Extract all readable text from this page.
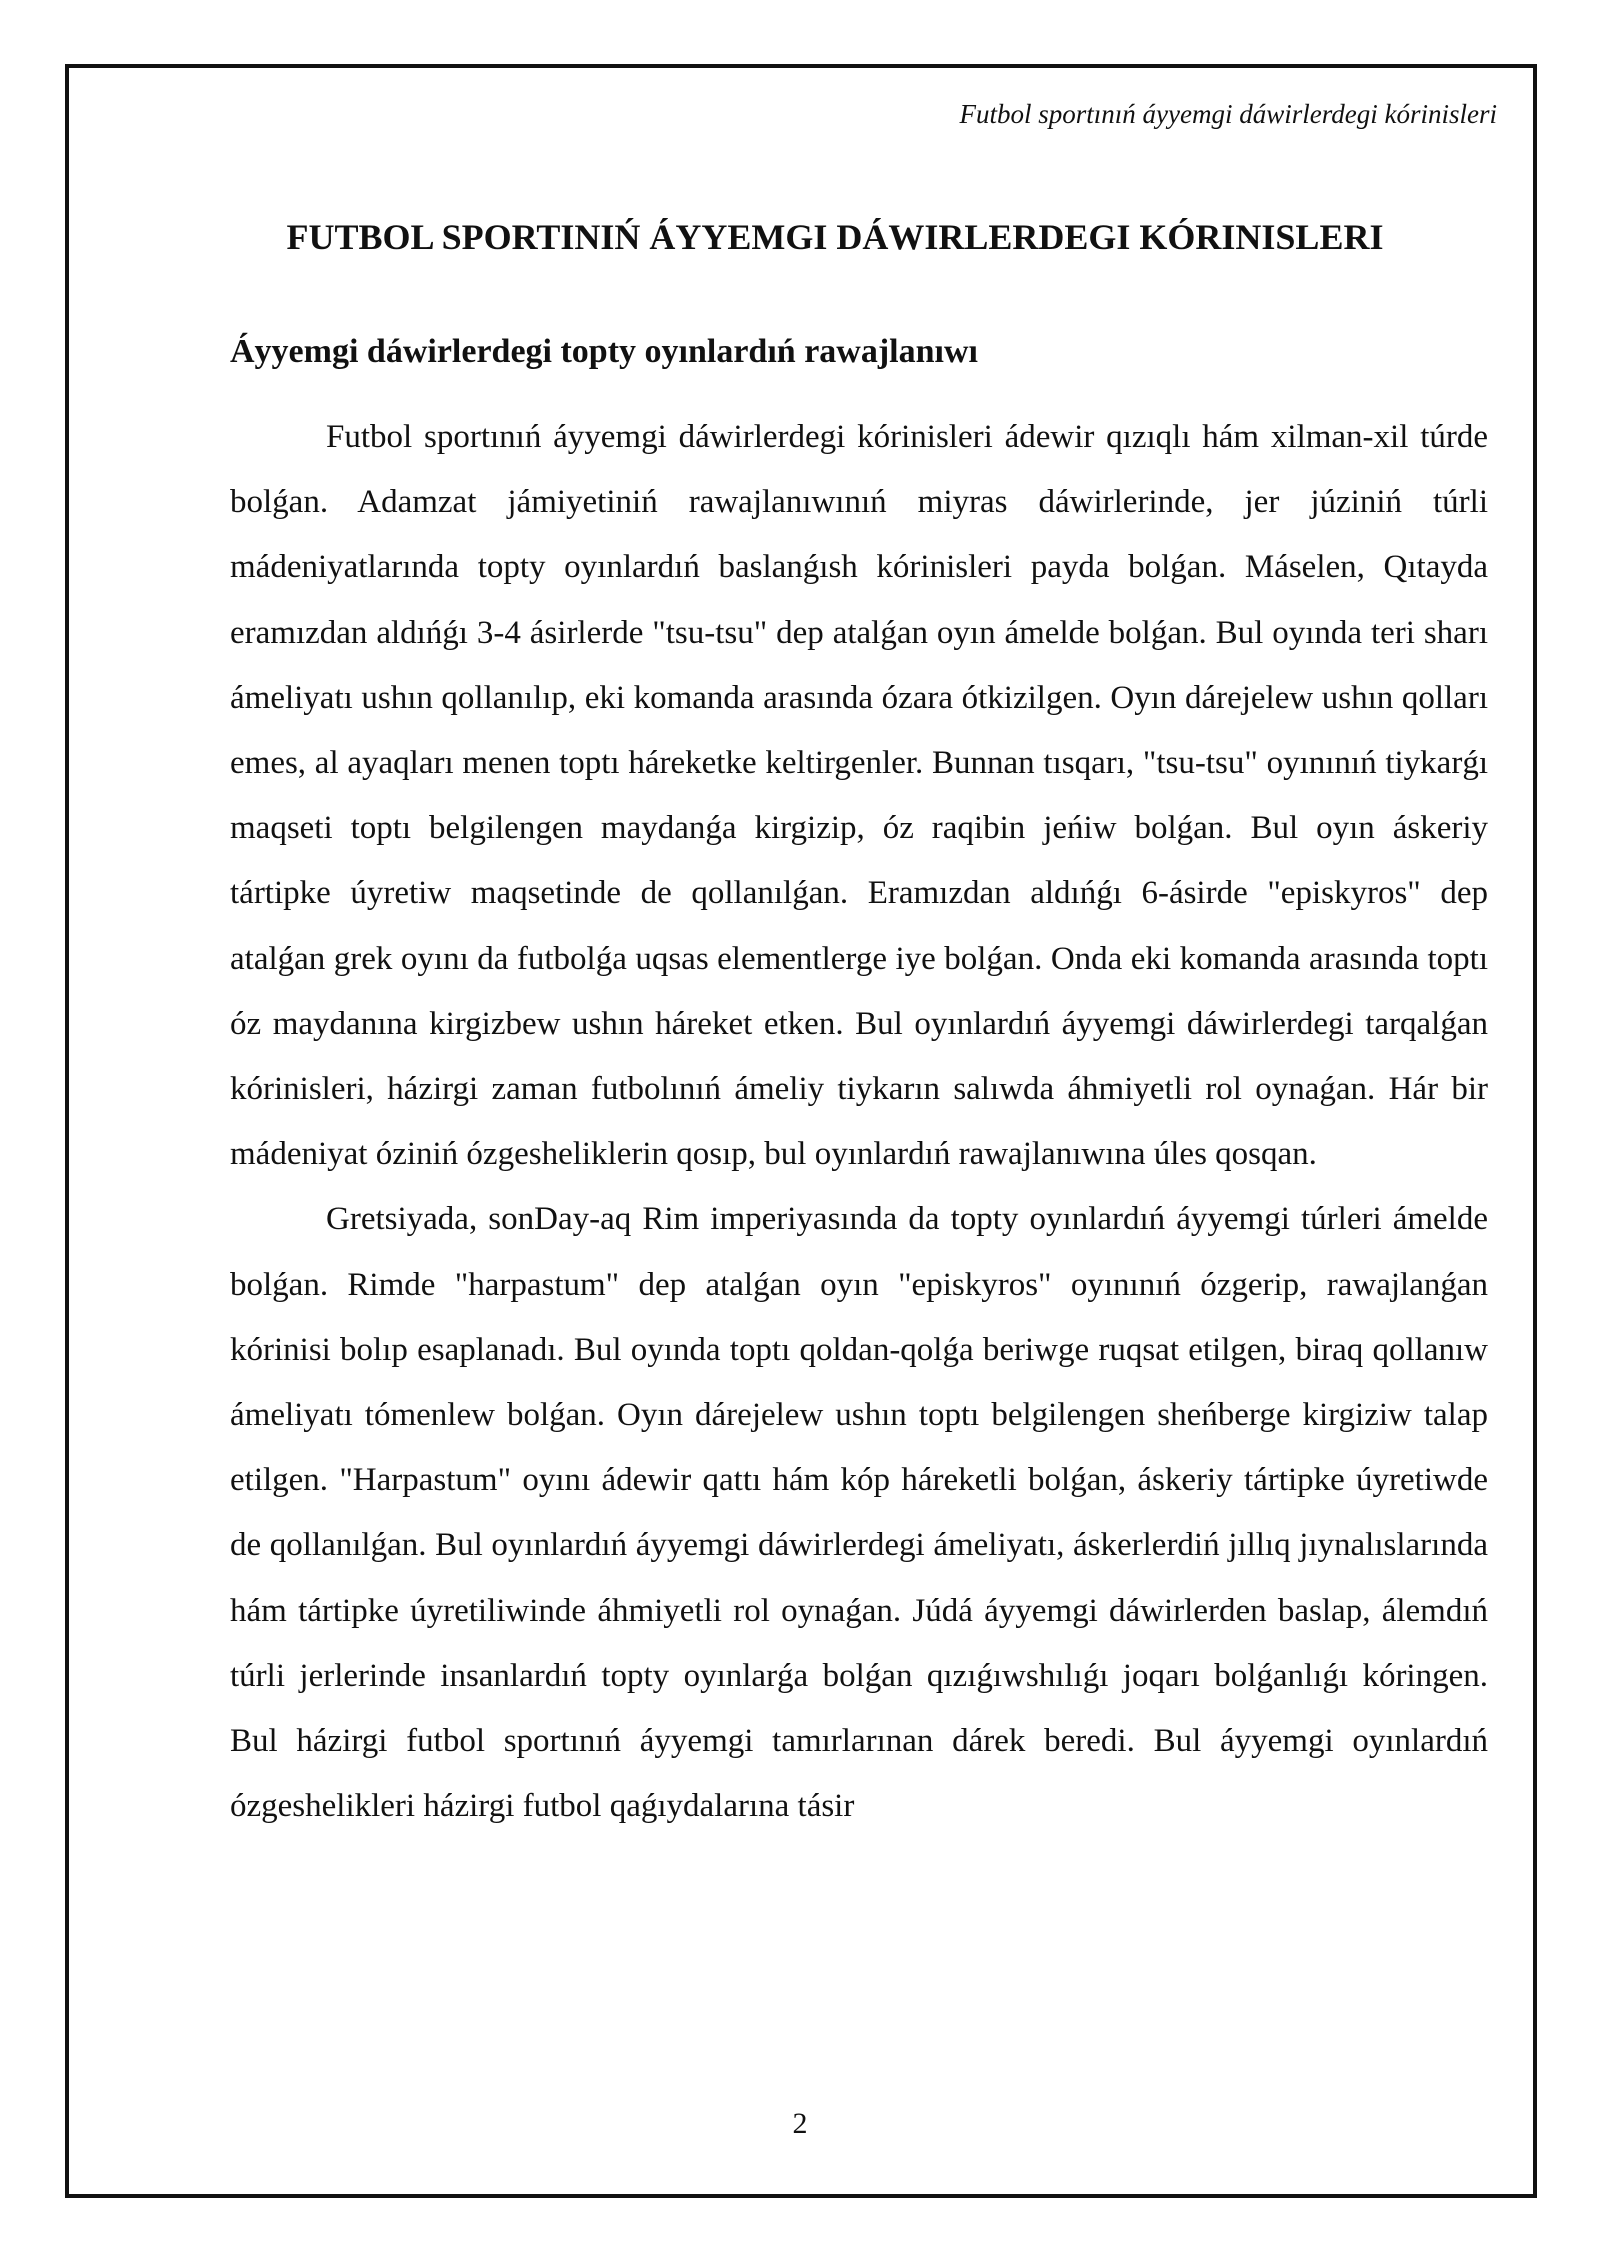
Futbol sportınıń áyyemgi dáwirlerdegi kórinisleri
FUTBOL SPORTINIŃ ÁYYEMGI DÁWIRLERDEGI KÓRINISLERI
Áyyemgi dáwirlerdegi topty oyınlardıń rawajlanıwı

Futbol sportınıń áyyemgi dáwirlerdegi kórinisleri ádewir qızıqlı hám xilman-xil túrde bolǵan. Adamzat jámiyetiniń rawajlanıwınıń miyras dáwirlerinde, jer júziniń túrli mádeniyatlarında topty oyınlardıń baslanǵısh kórinisleri payda bolǵan. Máselen, Qıtayda eramızdan aldıńǵı 3-4 ásirlerde "tsu-tsu" dep atalǵan oyın ámelde bolǵan. Bul oyında teri sharı ámeliyatı ushın qollanılıp, eki komanda arasında ózara ótkizilgen. Oyın dárejelew ushın qolları emes, al ayaqları menen toptı háreketke keltirgenler. Bunnan tısqarı, "tsu-tsu" oyınınıń tiykarǵı maqseti toptı belgilengen maydanǵa kirgizip, óz raqibin jeńiw bolǵan. Bul oyın áskeriy tártipke úyretiw maqsetinde de qollanılǵan. Eramızdan aldıńǵı 6-ásirde "episkyros" dep atalǵan grek oyını da futbolǵa uqsas elementlerge iye bolǵan. Onda eki komanda arasında toptı óz maydanına kirgizbew ushın háreket etken. Bul oyınlardıń áyyemgi dáwirlerdegi tarqalǵan kórinisleri, házirgi zaman futbolınıń ámeliy tiykarın salıwda áhmiyetli rol oynaǵan. Hár bir mádeniyat óziniń ózgesheliklerin qosıp, bul oyınlardıń rawajlanıwına úles qosqan.

Gretsiyada, sonDay-aq Rim imperiyasında da topty oyınlardıń áyyemgi túrleri ámelde bolǵan. Rimde "harpastum" dep atalǵan oyın "episkyros" oyınınıń ózgerip, rawajlanǵan kórinisi bolıp esaplanadı. Bul oyında toptı qoldan-qolǵa beriwge ruqsat etilgen, biraq qollanıw ámeliyatı tómenlew bolǵan. Oyın dárejelew ushın toptı belgilengen sheńberge kirgiziw talap etilgen. "Harpastum" oyını ádewir qattı hám kóp háreketli bolǵan, áskeriy tártipke úyretiwde de qollanılǵan. Bul oyınlardıń áyyemgi dáwirlerdegi ámeliyatı, áskerlerdiń jıllıq jıynalıslarında hám tártipke úyretiliwinde áhmiyetli rol oynaǵan. Júdá áyyemgi dáwirlerden baslap, álemdıń túrli jerlerinde insanlardıń topty oyınlarǵa bolǵan qızıǵıwshılıǵı joqarı bolǵanlıǵı kóringen. Bul házirgi futbol sportınıń áyyemgi tamırlarınan dárek beredi. Bul áyyemgi oyınlardıń ózgeshelikleri házirgi futbol qaǵıydalarına tásir

2
